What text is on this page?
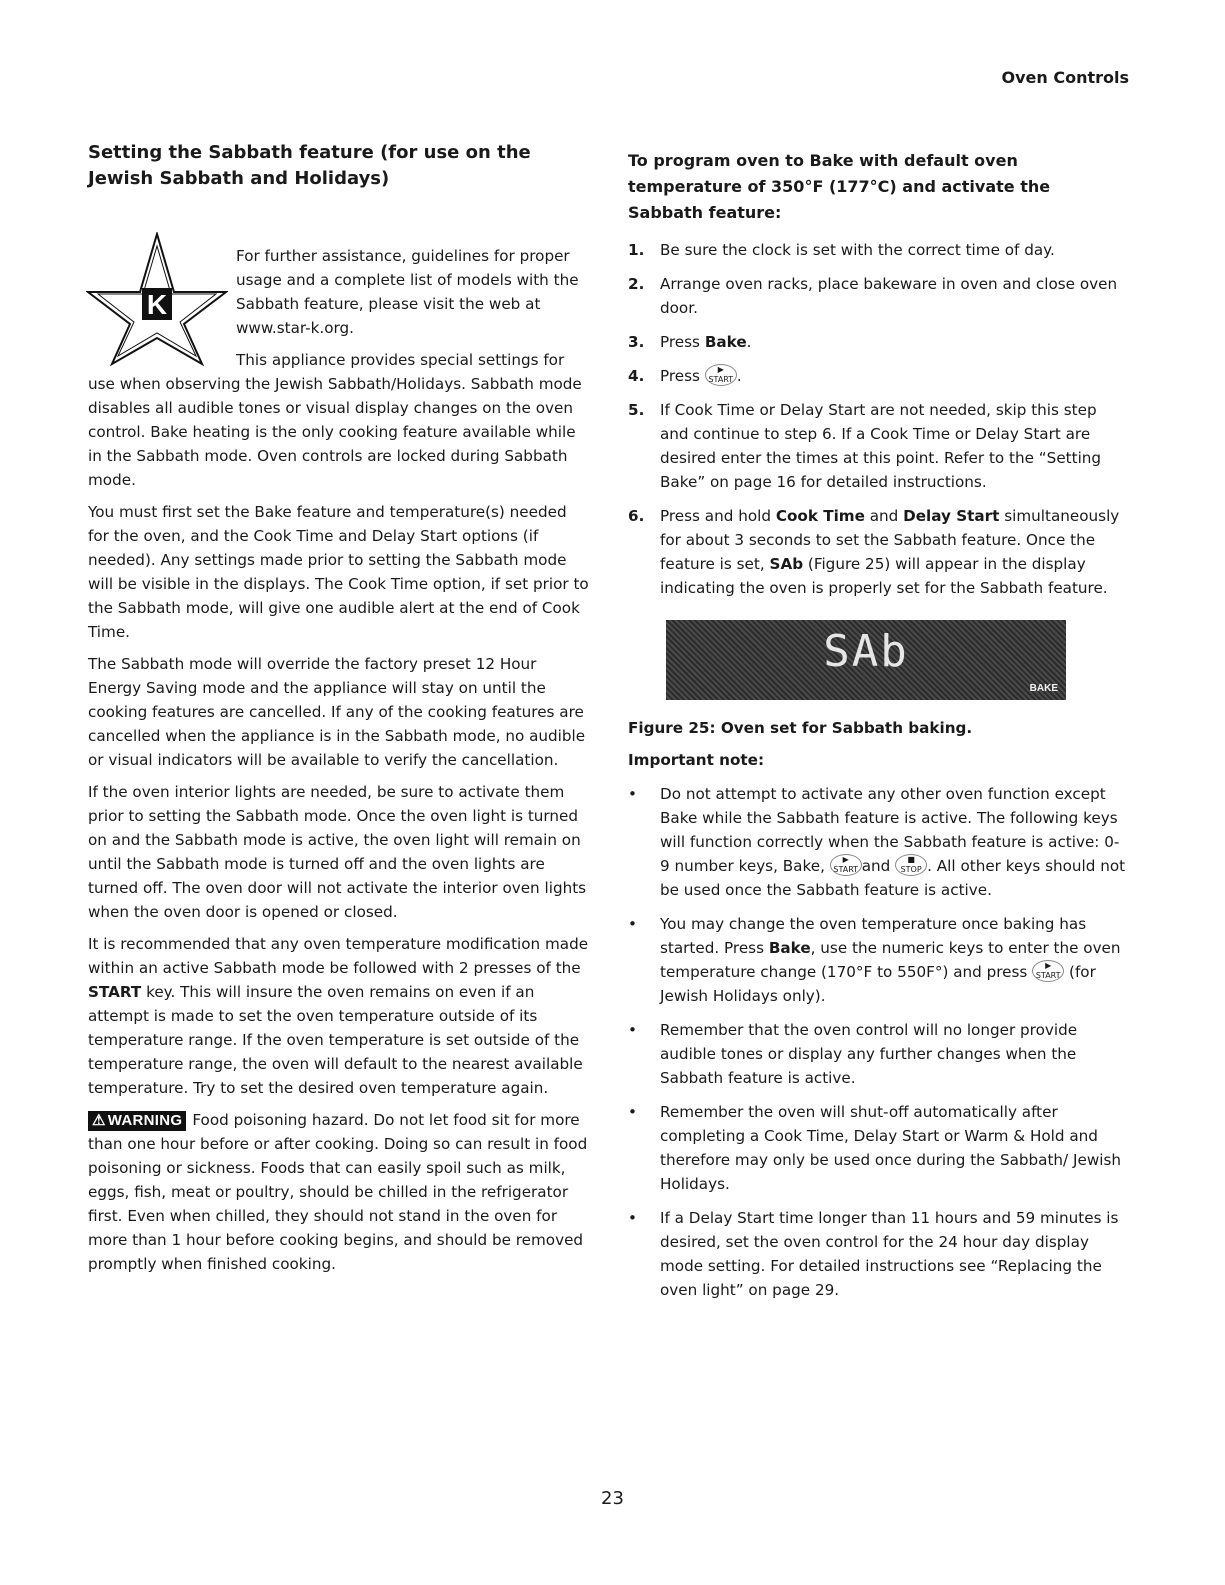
Oven Controls
Setting the Sabbath feature (for use on the Jewish Sabbath and Holidays)
K

For further assistance, guidelines for proper usage and a complete list of models with the Sabbath feature, please visit the web at www.star-k.org.

This appliance provides special settings for use when observing the Jewish Sabbath/Holidays. Sabbath mode disables all audible tones or visual display changes on the oven control. Bake heating is the only cooking feature available while in the Sabbath mode. Oven controls are locked during Sabbath mode.

You must first set the Bake feature and temperature(s) needed for the oven, and the Cook Time and Delay Start options (if needed). Any settings made prior to setting the Sabbath mode will be visible in the displays. The Cook Time option, if set prior to the Sabbath mode, will give one audible alert at the end of Cook Time.

The Sabbath mode will override the factory preset 12 Hour Energy Saving mode and the appliance will stay on until the cooking features are cancelled. If any of the cooking features are cancelled when the appliance is in the Sabbath mode, no audible or visual indicators will be available to verify the cancellation.

If the oven interior lights are needed, be sure to activate them prior to setting the Sabbath mode. Once the oven light is turned on and the Sabbath mode is active, the oven light will remain on until the Sabbath mode is turned off and the oven lights are turned off. The oven door will not activate the interior oven lights when the oven door is opened or closed.

It is recommended that any oven temperature modification made within an active Sabbath mode be followed with 2 presses of the START key. This will insure the oven remains on even if an attempt is made to set the oven temperature outside of its temperature range. If the oven temperature is set outside of the temperature range, the oven will default to the nearest available temperature. Try to set the desired oven temperature again.

⚠ WARNING Food poisoning hazard. Do not let food sit for more than one hour before or after cooking. Doing so can result in food poisoning or sickness. Foods that can easily spoil such as milk, eggs, fish, meat or poultry, should be chilled in the refrigerator first. Even when chilled, they should not stand in the oven for more than 1 hour before cooking begins, and should be removed promptly when finished cooking.

To program oven to Bake with default oven temperature of 350°F (177°C) and activate the Sabbath feature:
1. Be sure the clock is set with the correct time of day.
2. Arrange oven racks, place bakeware in oven and close oven door.
3. Press Bake.
4. Press	▶
START .
5. If Cook Time or Delay Start are not needed, skip this step and continue to step 6. If a Cook Time or Delay Start are desired enter the times at this point. Refer to the “Setting Bake” on page 16 for detailed instructions.
6. Press and hold Cook Time and Delay Start simultaneously for about 3 seconds to set the Sabbath feature. Once the feature is set, SAb (Figure 25) will appear in the display indicating the oven is properly set for the Sabbath feature.
SAb
BAKE
Figure 25: Oven set for Sabbath baking.
Important note:
• Do not attempt to activate any other oven function except Bake while the Sabbath feature is active. The following keys will function correctly when the Sabbath feature is active: 0-9 number keys, Bake,	▶
START and	■
STOP . All other keys should not be used once the Sabbath feature is active.
• You may change the oven temperature once baking has started. Press Bake, use the numeric keys to enter the oven temperature change (170°F to 550F°) and press	▶
START (for Jewish Holidays only).
• Remember that the oven control will no longer provide audible tones or display any further changes when the Sabbath feature is active.
• Remember the oven will shut-off automatically after completing a Cook Time, Delay Start or Warm & Hold and therefore may only be used once during the Sabbath/ Jewish Holidays.
• If a Delay Start time longer than 11 hours and 59 minutes is desired, set the oven control for the 24 hour day display mode setting. For detailed instructions see “Replacing the oven light” on page 29.
23
